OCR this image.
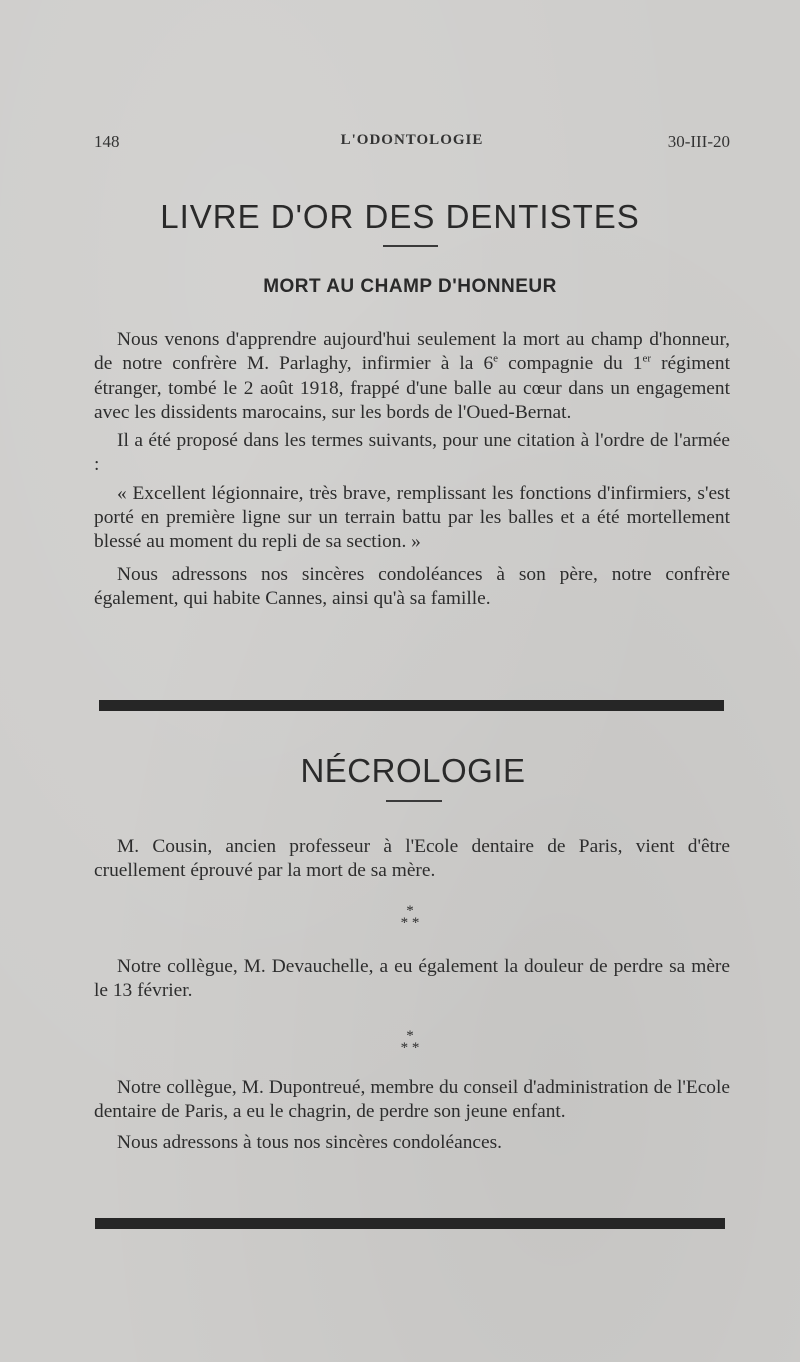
148	L'ODONTOLOGIE	30-III-20
LIVRE D'OR DES DENTISTES
MORT AU CHAMP D'HONNEUR

Nous venons d'apprendre aujourd'hui seulement la mort au champ d'honneur, de notre confrère M. Parlaghy, infirmier à la 6e compagnie du 1er régiment étranger, tombé le 2 août 1918, frappé d'une balle au cœur dans un engagement avec les dissidents marocains, sur les bords de l'Oued-Bernat.

Il a été proposé dans les termes suivants, pour une citation à l'ordre de l'armée :

« Excellent légionnaire, très brave, remplissant les fonctions d'infirmiers, s'est porté en première ligne sur un terrain battu par les balles et a été mortellement blessé au moment du repli de sa section. »

Nous adressons nos sincères condoléances à son père, notre confrère également, qui habite Cannes, ainsi qu'à sa famille.

NÉCROLOGIE

M. Cousin, ancien professeur à l'Ecole dentaire de Paris, vient d'être cruellement éprouvé par la mort de sa mère.

*
* *

Notre collègue, M. Devauchelle, a eu également la douleur de perdre sa mère le 13 février.

*
* *

Notre collègue, M. Dupontreué, membre du conseil d'administration de l'Ecole dentaire de Paris, a eu le chagrin, de perdre son jeune enfant.

Nous adressons à tous nos sincères condoléances.
